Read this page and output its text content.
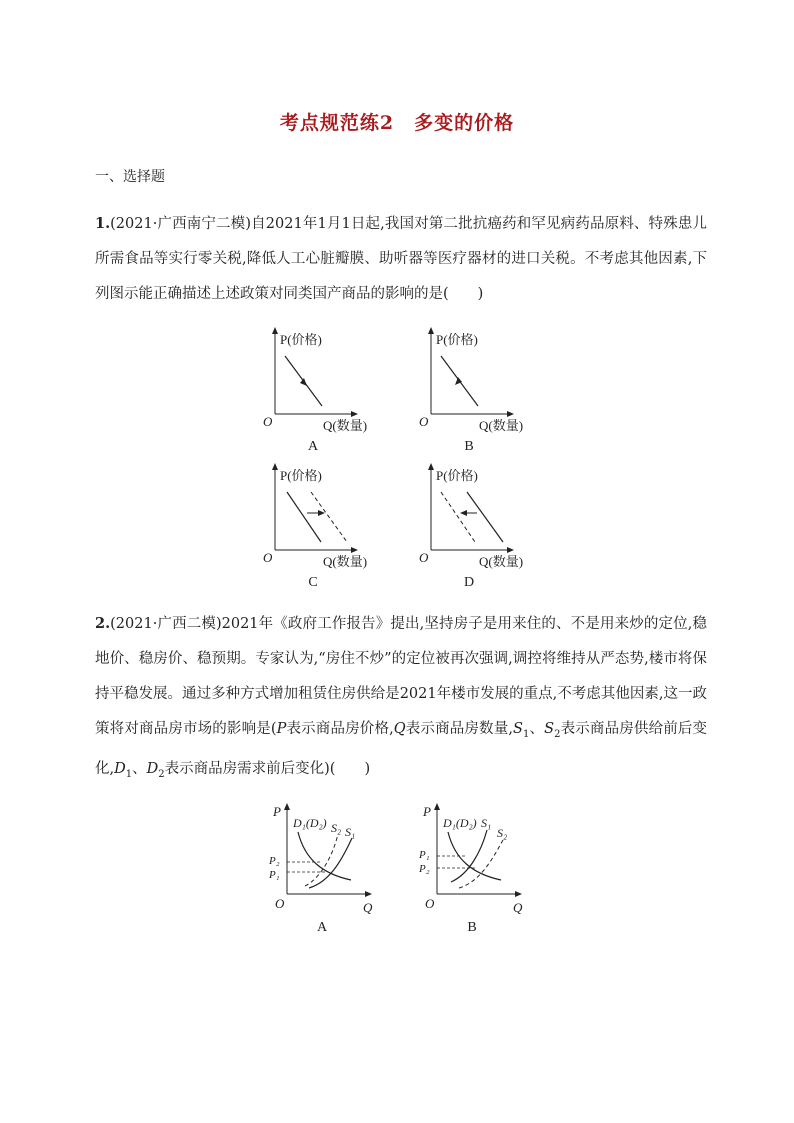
考点规范练2　多变的价格
一、选择题
1.(2021·广西南宁二模)自2021年1月1日起,我国对第二批抗癌药和罕见病药品原料、特殊患儿所需食品等实行零关税,降低人工心脏瓣膜、助听器等医疗器材的进口关税。不考虑其他因素,下列图示能正确描述上述政策对同类国产商品的影响的是(　　)
P(价格)
Q(数量)
O
A
P(价格)
Q(数量)
O
B
P(价格)
Q(数量)
O
C
P(价格)
Q(数量)
O
D
2.(2021·广西二模)2021年《政府工作报告》提出,坚持房子是用来住的、不是用来炒的定位,稳地价、稳房价、稳预期。专家认为,“房住不炒”的定位被再次强调,调控将维持从严态势,楼市将保持平稳发展。通过多种方式增加租赁住房供给是2021年楼市发展的重点,不考虑其他因素,这一政策将对商品房市场的影响是(P表示商品房价格,Q表示商品房数量$,S_1$、$S_2$表示商品房供给前后变化$,D_1$、$D_2$表示商品房需求前后变化)(　　)
P
Q
O
D₁(D₂) S₂ S₁
P₂
P₁
A
P
Q
O
D₁(D₂) S₁
S₂
P₁
P₂
B
